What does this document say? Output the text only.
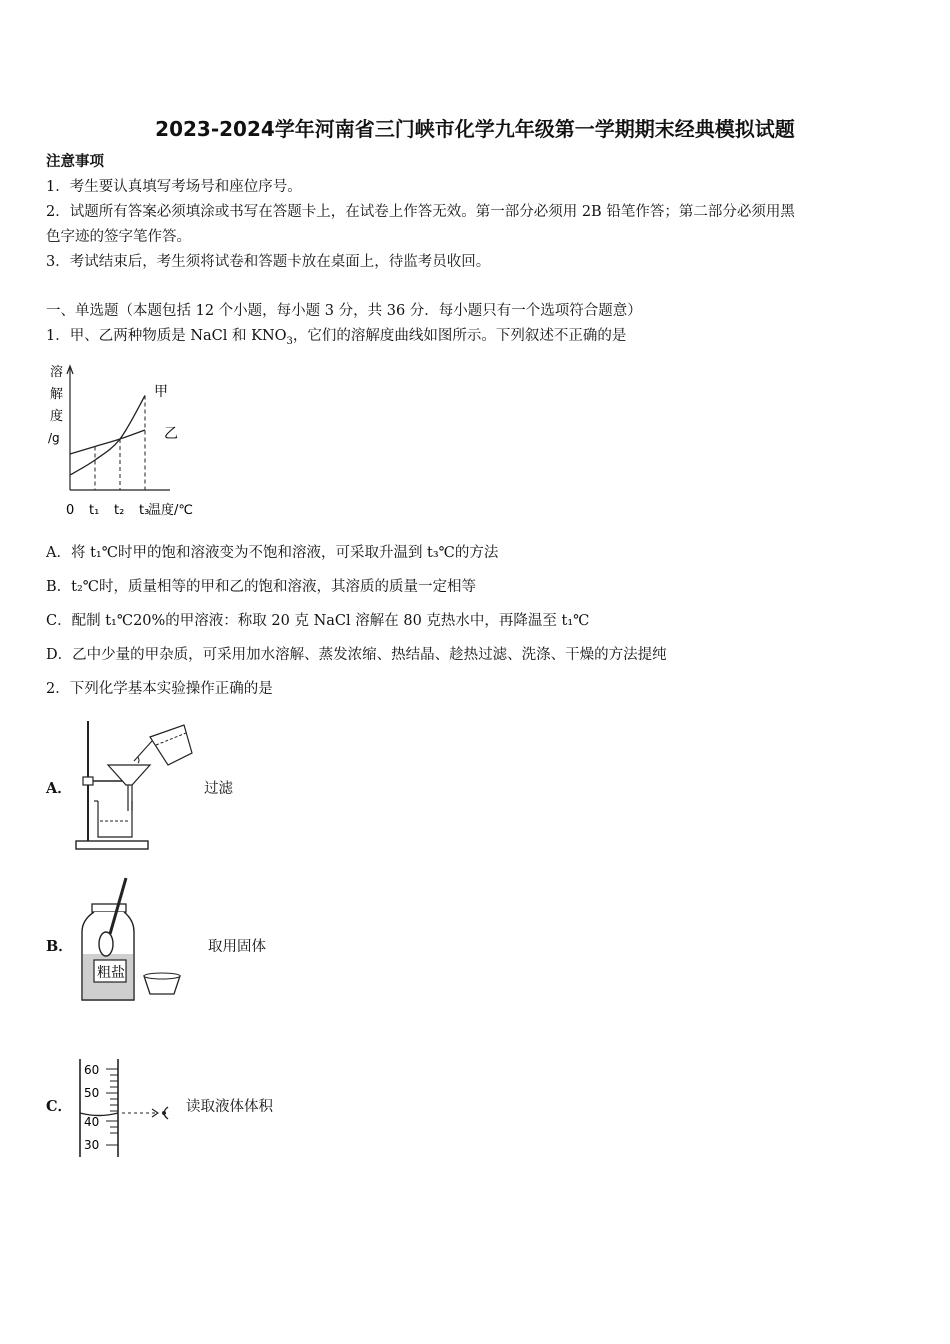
2023-2024学年河南省三门峡市化学九年级第一学期期末经典模拟试题
注意事项
1．考生要认真填写考场号和座位序号。
2．试题所有答案必须填涂或书写在答题卡上，在试卷上作答无效。第一部分必须用 2B 铅笔作答；第二部分必须用黑
色字迹的签字笔作答。
3．考试结束后，考生须将试卷和答题卡放在桌面上，待监考员收回。
一、单选题（本题包括 12 个小题，每小题 3 分，共 36 分．每小题只有一个选项符合题意）
1．甲、乙两种物质是 NaCl 和 $KNO_3$，它们的溶解度曲线如图所示。下列叙述不正确的是
溶
解
度
/g
甲
乙
0 t₁ t₂ t₃
温度/℃
A．将 t₁℃时甲的饱和溶液变为不饱和溶液，可采取升温到 t₃℃的方法
B．t₂℃时，质量相等的甲和乙的饱和溶液，其溶质的质量一定相等
C．配制 t₁℃20%的甲溶液：称取 20 克 NaCl 溶解在 80 克热水中，再降温至 t₁℃
D．乙中少量的甲杂质，可采用加水溶解、蒸发浓缩、热结晶、趁热过滤、洗涤、干燥的方法提纯
2．下列化学基本实验操作正确的是
A．	过滤
B．
粗盐
取用固体
C．
60
50
40
30
读取液体体积
